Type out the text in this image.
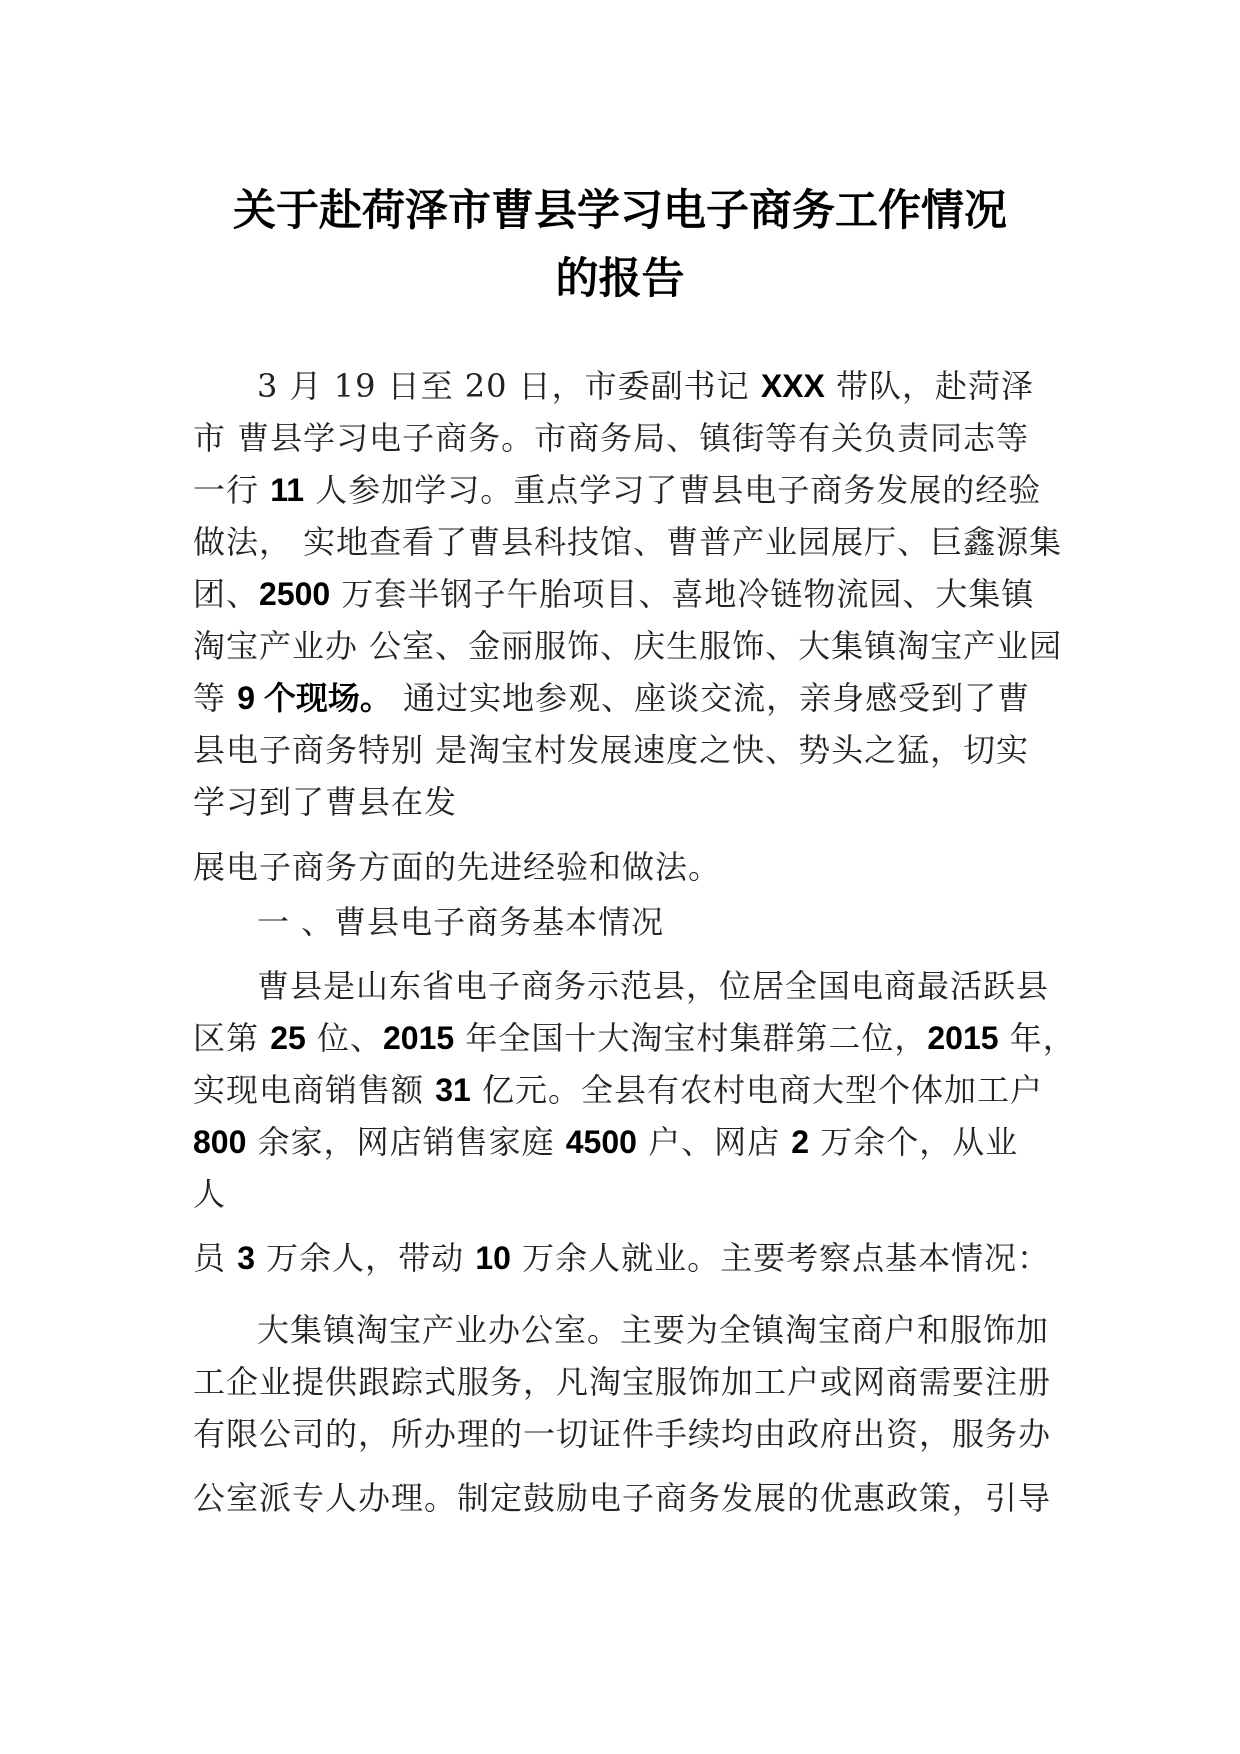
关于赴荷泽市曹县学习电子商务工作情况
的报告
3 月 19 日至 20 日，市委副书记 XXX 带队，赴菏泽
市 曹县学习电子商务。市商务局、镇街等有关负责同志等
一行 11 人参加学习。重点学习了曹县电子商务发展的经验
做法， 实地查看了曹县科技馆、曹普产业园展厅、巨鑫源集
团、2500 万套半钢子午胎项目、喜地冷链物流园、大集镇
淘宝产业办 公室、金丽服饰、庆生服饰、大集镇淘宝产业园
等 9 个现场。 通过实地参观、座谈交流，亲身感受到了曹
县电子商务特别 是淘宝村发展速度之快、势头之猛，切实
学习到了曹县在发
展电子商务方面的先进经验和做法。
一 、曹县电子商务基本情况
曹县是山东省电子商务示范县，位居全国电商最活跃县
区第 25 位、2015 年全国十大淘宝村集群第二位，2015 年，
实现电商销售额 31 亿元。全县有农村电商大型个体加工户
800 余家，网店销售家庭 4500 户、网店 2 万余个，从业
人
员 3 万余人，带动 10 万余人就业。主要考察点基本情况：
大集镇淘宝产业办公室。主要为全镇淘宝商户和服饰加
工企业提供跟踪式服务，凡淘宝服饰加工户或网商需要注册
有限公司的，所办理的一切证件手续均由政府出资，服务办
公室派专人办理。制定鼓励电子商务发展的优惠政策，引导
